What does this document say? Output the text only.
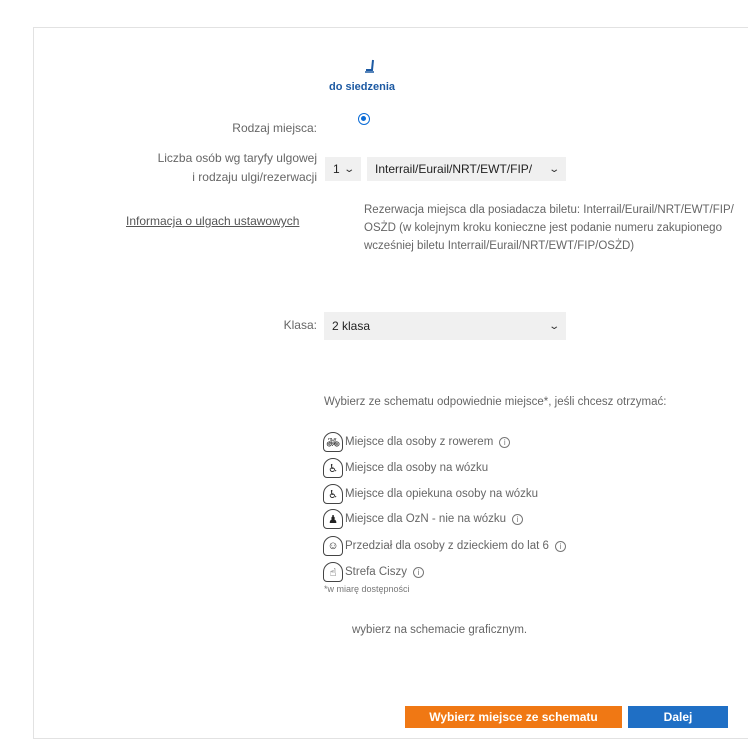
do siedzenia
Rodzaj miejsca:
Liczba osób wg taryfy ulgowej
i rodzaju ulgi/rezerwacji
1 ⌄ Interrail/Eurail/NRT/EWT/FIP/ ⌄
Informacja o ulgach ustawowych
Rezerwacja miejsca dla posiadacza biletu: Interrail/Eurail/NRT/EWT/FIP/ OSŻD (w kolejnym kroku konieczne jest podanie numeru zakupionego wcześniej biletu Interrail/Eurail/NRT/EWT/FIP/OSŻD)
Klasa: 2 klasa	⌄
Wybierz ze schematu odpowiednie miejsce*, jeśli chcesz otrzymać:
🚲︎ Miejsce dla osoby z rowerem	i
♿︎ Miejsce dla osoby na wózku
♿︎ Miejsce dla opiekuna osoby na wózku
♟︎ Miejsce dla OzN - nie na wózku	i
☺︎ Przedział dla osoby z dzieckiem do lat 6	i
☝︎ Strefa Ciszy	i
*w miarę dostępności
wybierz na schemacie graficznym.
Wybierz miejsce ze schematu	Dalej
